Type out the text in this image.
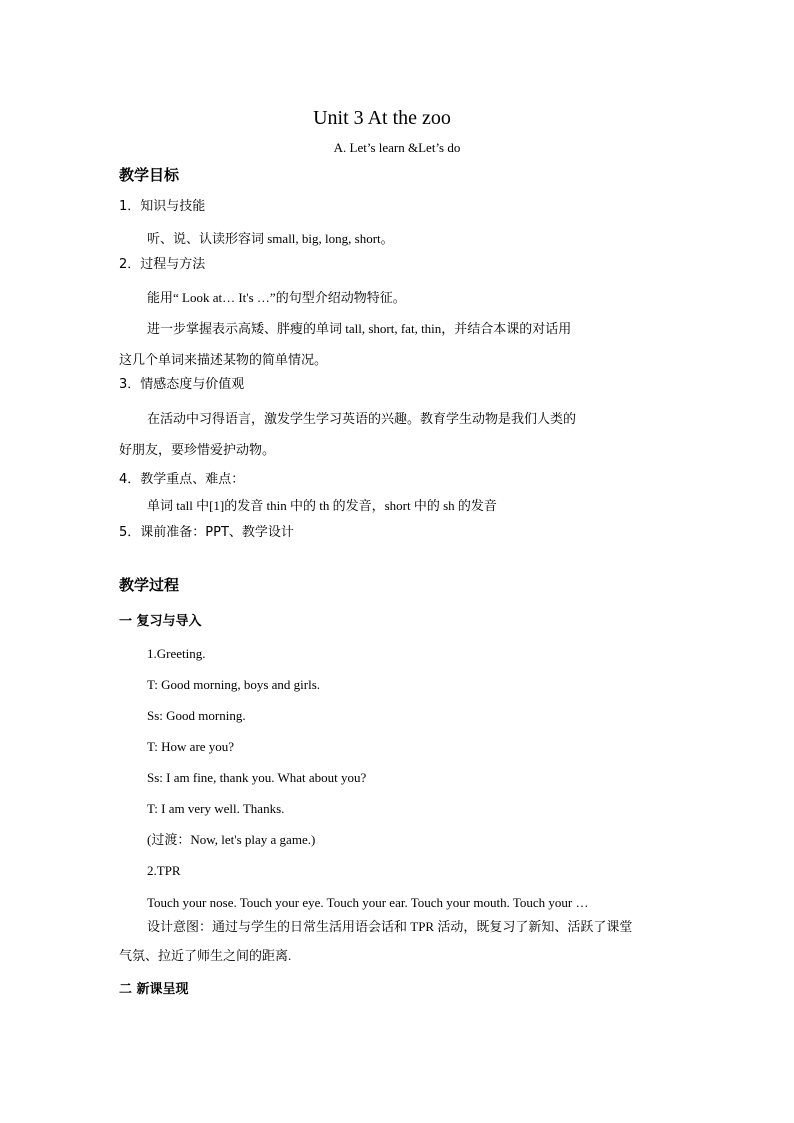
Unit 3 At the zoo
A. Let’s learn &Let’s do
教学目标
1．知识与技能
听、说、认读形容词 small, big, long, short。
2．过程与方法
能用“ Look at… It's …”的句型介绍动物特征。
进一步掌握表示高矮、胖瘦的单词 tall, short, fat, thin，并结合本课的对话用
这几个单词来描述某物的简单情况。
3．情感态度与价值观
在活动中习得语言，激发学生学习英语的兴趣。教育学生动物是我们人类的
好朋友，要珍惜爱护动物。
4．教学重点、难点：
单词 tall 中[1]的发音 thin 中的 th 的发音，short 中的 sh 的发音
5．课前准备：PPT、教学设计
教学过程
一 复习与导入
1.Greeting.
T: Good morning, boys and girls.
Ss: Good morning.
T: How are you?
Ss: I am fine, thank you. What about you?
T: I am very well. Thanks.
(过渡：Now, let's play a game.)
2.TPR
Touch your nose. Touch your eye. Touch your ear. Touch your mouth. Touch your …
设计意图：通过与学生的日常生活用语会话和 TPR 活动，既复习了新知、活跃了课堂
气氛、拉近了师生之间的距离.
二 新课呈现
